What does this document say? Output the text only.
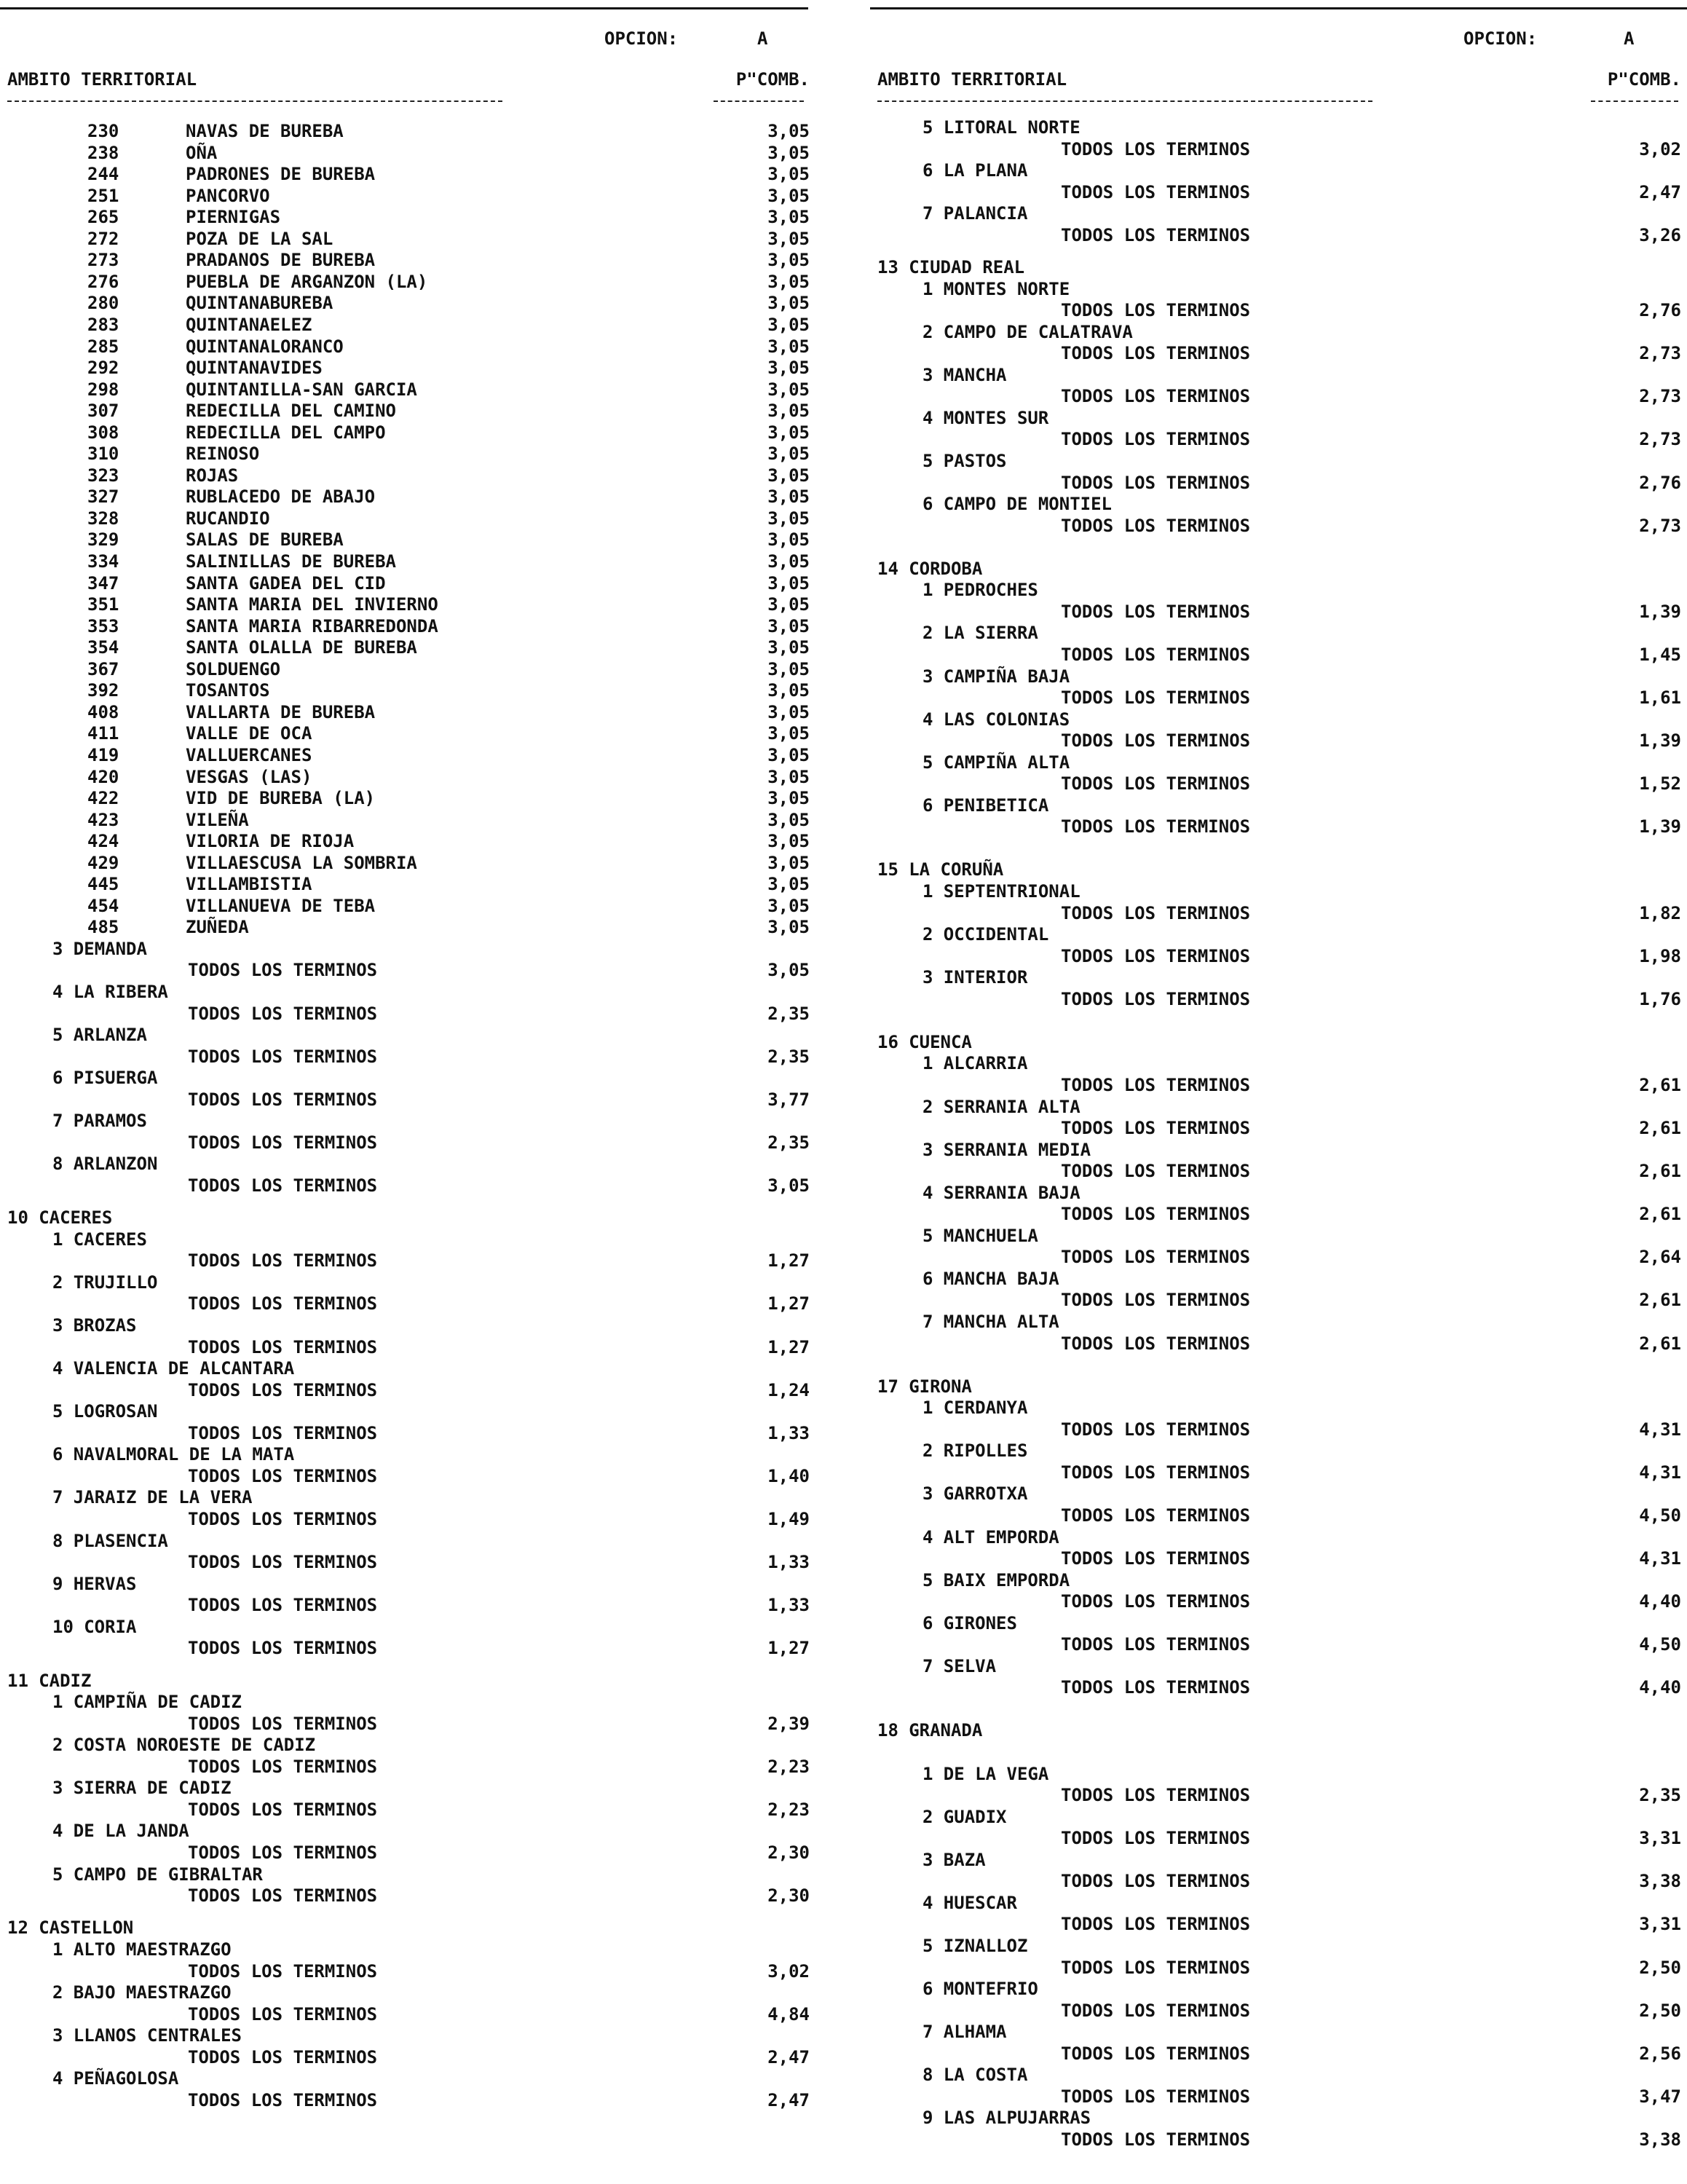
OPCION:

	A

AMBITO TERRITORIAL

	P"COMB.

230	NAVAS DE BUREBA	3,05
238	OÑA	3,05
244	PADRONES DE BUREBA	3,05
251	PANCORVO	3,05
265	PIERNIGAS	3,05
272	POZA DE LA SAL	3,05
273	PRADANOS DE BUREBA	3,05
276	PUEBLA DE ARGANZON (LA)	3,05
280	QUINTANABUREBA	3,05
283	QUINTANAELEZ	3,05
285	QUINTANALORANCO	3,05
292	QUINTANAVIDES	3,05
298	QUINTANILLA-SAN GARCIA	3,05
307	REDECILLA DEL CAMINO	3,05
308	REDECILLA DEL CAMPO	3,05
310	REINOSO	3,05
323	ROJAS	3,05
327	RUBLACEDO DE ABAJO	3,05
328	RUCANDIO	3,05
329	SALAS DE BUREBA	3,05
334	SALINILLAS DE BUREBA	3,05
347	SANTA GADEA DEL CID	3,05
351	SANTA MARIA DEL INVIERNO	3,05
353	SANTA MARIA RIBARREDONDA	3,05
354	SANTA OLALLA DE BUREBA	3,05
367	SOLDUENGO	3,05
392	TOSANTOS	3,05
408	VALLARTA DE BUREBA	3,05
411	VALLE DE OCA	3,05
419	VALLUERCANES	3,05
420	VESGAS (LAS)	3,05
422	VID DE BUREBA (LA)	3,05
423	VILEÑA	3,05
424	VILORIA DE RIOJA	3,05
429	VILLAESCUSA LA SOMBRIA	3,05
445	VILLAMBISTIA	3,05
454	VILLANUEVA DE TEBA	3,05
485	ZUÑEDA	3,05
3 DEMANDA
TODOS LOS TERMINOS	3,05
4 LA RIBERA
TODOS LOS TERMINOS	2,35
5 ARLANZA
TODOS LOS TERMINOS	2,35
6 PISUERGA
TODOS LOS TERMINOS	3,77
7 PARAMOS
TODOS LOS TERMINOS	2,35
8 ARLANZON
TODOS LOS TERMINOS	3,05
10 CACERES
1 CACERES
TODOS LOS TERMINOS	1,27
2 TRUJILLO
TODOS LOS TERMINOS	1,27
3 BROZAS
TODOS LOS TERMINOS	1,27
4 VALENCIA DE ALCANTARA
TODOS LOS TERMINOS	1,24
5 LOGROSAN
TODOS LOS TERMINOS	1,33
6 NAVALMORAL DE LA MATA
TODOS LOS TERMINOS	1,40
7 JARAIZ DE LA VERA
TODOS LOS TERMINOS	1,49
8 PLASENCIA
TODOS LOS TERMINOS	1,33
9 HERVAS
TODOS LOS TERMINOS	1,33
10 CORIA
TODOS LOS TERMINOS	1,27
11 CADIZ
1 CAMPIÑA DE CADIZ
TODOS LOS TERMINOS	2,39
2 COSTA NOROESTE DE CADIZ
TODOS LOS TERMINOS	2,23
3 SIERRA DE CADIZ
TODOS LOS TERMINOS	2,23
4 DE LA JANDA
TODOS LOS TERMINOS	2,30
5 CAMPO DE GIBRALTAR
TODOS LOS TERMINOS	2,30
12 CASTELLON
1 ALTO MAESTRAZGO
TODOS LOS TERMINOS	3,02
2 BAJO MAESTRAZGO
TODOS LOS TERMINOS	4,84
3 LLANOS CENTRALES
TODOS LOS TERMINOS	2,47
4 PEÑAGOLOSA
TODOS LOS TERMINOS	2,47

OPCION:

	A

AMBITO TERRITORIAL

	P"COMB.

5 LITORAL NORTE
TODOS LOS TERMINOS	3,02
6 LA PLANA
TODOS LOS TERMINOS	2,47
7 PALANCIA
TODOS LOS TERMINOS	3,26
13 CIUDAD REAL
1 MONTES NORTE
TODOS LOS TERMINOS	2,76
2 CAMPO DE CALATRAVA
TODOS LOS TERMINOS	2,73
3 MANCHA
TODOS LOS TERMINOS	2,73
4 MONTES SUR
TODOS LOS TERMINOS	2,73
5 PASTOS
TODOS LOS TERMINOS	2,76
6 CAMPO DE MONTIEL
TODOS LOS TERMINOS	2,73
14 CORDOBA
1 PEDROCHES
TODOS LOS TERMINOS	1,39
2 LA SIERRA
TODOS LOS TERMINOS	1,45
3 CAMPIÑA BAJA
TODOS LOS TERMINOS	1,61
4 LAS COLONIAS
TODOS LOS TERMINOS	1,39
5 CAMPIÑA ALTA
TODOS LOS TERMINOS	1,52
6 PENIBETICA
TODOS LOS TERMINOS	1,39
15 LA CORUÑA
1 SEPTENTRIONAL
TODOS LOS TERMINOS	1,82
2 OCCIDENTAL
TODOS LOS TERMINOS	1,98
3 INTERIOR
TODOS LOS TERMINOS	1,76
16 CUENCA
1 ALCARRIA
TODOS LOS TERMINOS	2,61
2 SERRANIA ALTA
TODOS LOS TERMINOS	2,61
3 SERRANIA MEDIA
TODOS LOS TERMINOS	2,61
4 SERRANIA BAJA
TODOS LOS TERMINOS	2,61
5 MANCHUELA
TODOS LOS TERMINOS	2,64
6 MANCHA BAJA
TODOS LOS TERMINOS	2,61
7 MANCHA ALTA
TODOS LOS TERMINOS	2,61
17 GIRONA
1 CERDANYA
TODOS LOS TERMINOS	4,31
2 RIPOLLES
TODOS LOS TERMINOS	4,31
3 GARROTXA
TODOS LOS TERMINOS	4,50
4 ALT EMPORDA
TODOS LOS TERMINOS	4,31
5 BAIX EMPORDA
TODOS LOS TERMINOS	4,40
6 GIRONES
TODOS LOS TERMINOS	4,50
7 SELVA
TODOS LOS TERMINOS	4,40
18 GRANADA
1 DE LA VEGA
TODOS LOS TERMINOS	2,35
2 GUADIX
TODOS LOS TERMINOS	3,31
3 BAZA
TODOS LOS TERMINOS	3,38
4 HUESCAR
TODOS LOS TERMINOS	3,31
5 IZNALLOZ
TODOS LOS TERMINOS	2,50
6 MONTEFRIO
TODOS LOS TERMINOS	2,50
7 ALHAMA
TODOS LOS TERMINOS	2,56
8 LA COSTA
TODOS LOS TERMINOS	3,47
9 LAS ALPUJARRAS
TODOS LOS TERMINOS	3,38
